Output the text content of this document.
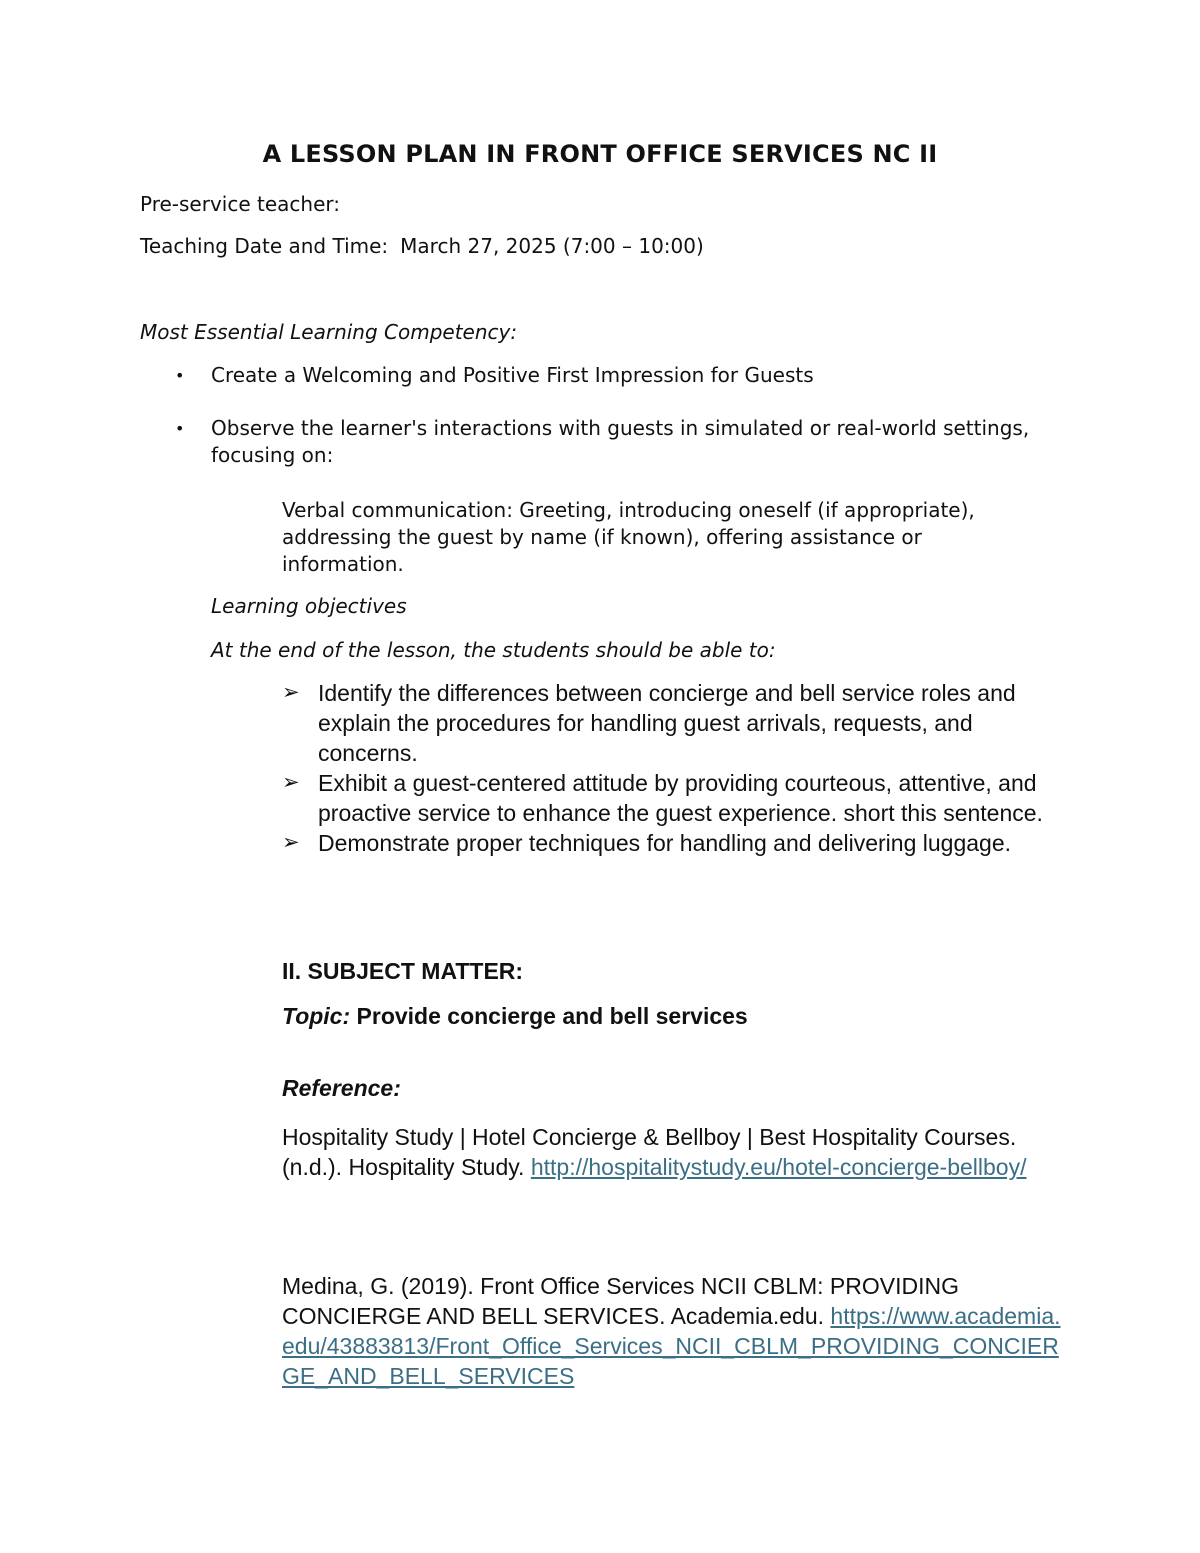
A LESSON PLAN IN FRONT OFFICE SERVICES NC II
Pre-service teacher:
Teaching Date and Time: March 27, 2025 (7:00 – 10:00)
Most Essential Learning Competency:
• Create a Welcoming and Positive First Impression for Guests
• Observe the learner's interactions with guests in simulated or real-world settings, focusing on:
Verbal communication: Greeting, introducing oneself (if appropriate), addressing the guest by name (if known), offering assistance or information.
Learning objectives
At the end of the lesson, the students should be able to:
➢ Identify the differences between concierge and bell service roles and explain the procedures for handling guest arrivals, requests, and concerns.
➢ Exhibit a guest-centered attitude by providing courteous, attentive, and proactive service to enhance the guest experience. short this sentence.
➢ Demonstrate proper techniques for handling and delivering luggage.
II. SUBJECT MATTER:
Topic: Provide concierge and bell services
Reference:
Hospitality Study | Hotel Concierge & Bellboy | Best Hospitality Courses. (n.d.). Hospitality Study. http://hospitalitystudy.eu/hotel-concierge-bellboy/
Medina, G. (2019). Front Office Services NCII CBLM: PROVIDING CONCIERGE AND BELL SERVICES. Academia.edu. https://www.academia.edu/43883813/Front_Office_Services_NCII_CBLM_PROVIDING_CONCIERGE_AND_BELL_SERVICES
